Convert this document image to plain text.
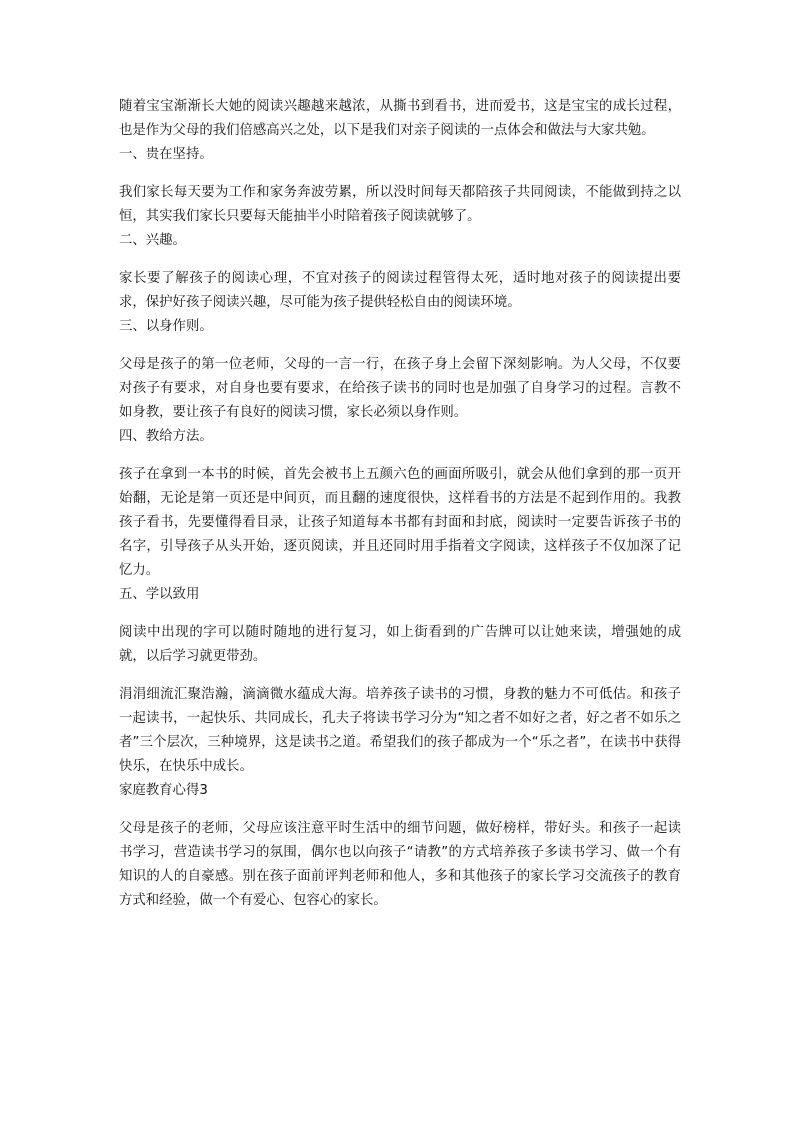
随着宝宝渐渐长大她的阅读兴趣越来越浓，从撕书到看书，进而爱书，这是宝宝的成长过程，也是作为父母的我们倍感高兴之处，以下是我们对亲子阅读的一点体会和做法与大家共勉。

一、贵在坚持。

我们家长每天要为工作和家务奔波劳累，所以没时间每天都陪孩子共同阅读，不能做到持之以恒，其实我们家长只要每天能抽半小时陪着孩子阅读就够了。

二、兴趣。

家长要了解孩子的阅读心理，不宜对孩子的阅读过程管得太死，适时地对孩子的阅读提出要求，保护好孩子阅读兴趣，尽可能为孩子提供轻松自由的阅读环境。

三、以身作则。

父母是孩子的第一位老师，父母的一言一行，在孩子身上会留下深刻影响。为人父母，不仅要对孩子有要求，对自身也要有要求，在给孩子读书的同时也是加强了自身学习的过程。言教不如身教，要让孩子有良好的阅读习惯，家长必须以身作则。

四、教给方法。

孩子在拿到一本书的时候，首先会被书上五颜六色的画面所吸引，就会从他们拿到的那一页开始翻，无论是第一页还是中间页，而且翻的速度很快，这样看书的方法是不起到作用的。我教孩子看书，先要懂得看目录，让孩子知道每本书都有封面和封底，阅读时一定要告诉孩子书的名字，引导孩子从头开始，逐页阅读，并且还同时用手指着文字阅读，这样孩子不仅加深了记忆力。

五、学以致用

阅读中出现的字可以随时随地的进行复习，如上街看到的广告牌可以让她来读，增强她的成就，以后学习就更带劲。

涓涓细流汇聚浩瀚，滴滴微水蕴成大海。培养孩子读书的习惯，身教的魅力不可低估。和孩子一起读书，一起快乐、共同成长，孔夫子将读书学习分为“知之者不如好之者，好之者不如乐之者”三个层次，三种境界，这是读书之道。希望我们的孩子都成为一个“乐之者”，在读书中获得快乐，在快乐中成长。

家庭教育心得3

父母是孩子的老师，父母应该注意平时生活中的细节问题，做好榜样，带好头。和孩子一起读书学习，营造读书学习的氛围，偶尔也以向孩子“请教”的方式培养孩子多读书学习、做一个有知识的人的自豪感。别在孩子面前评判老师和他人，多和其他孩子的家长学习交流孩子的教育方式和经验，做一个有爱心、包容心的家长。
